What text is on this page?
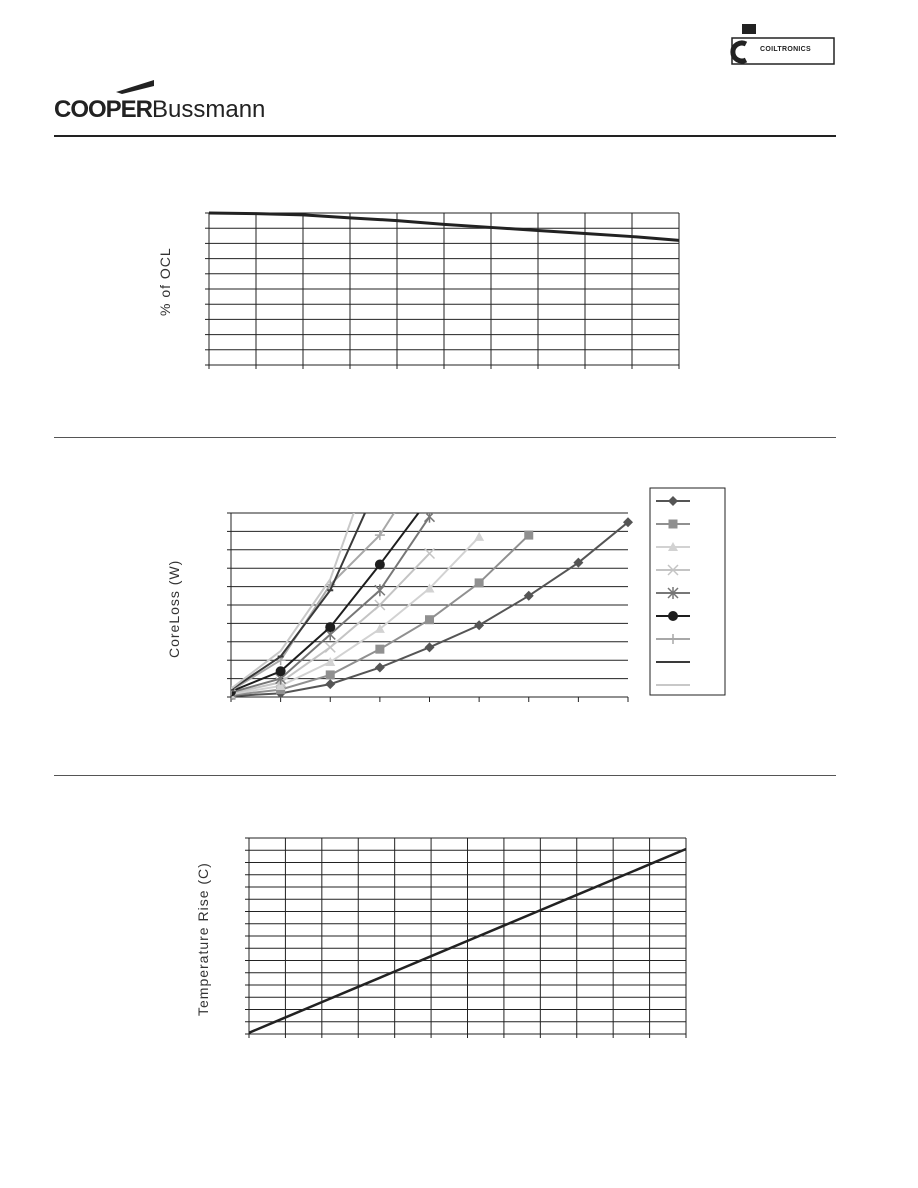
COOPERBussmann
COILTRONICS
% of OCL
CoreLoss (W)
Temperature Rise (C)
